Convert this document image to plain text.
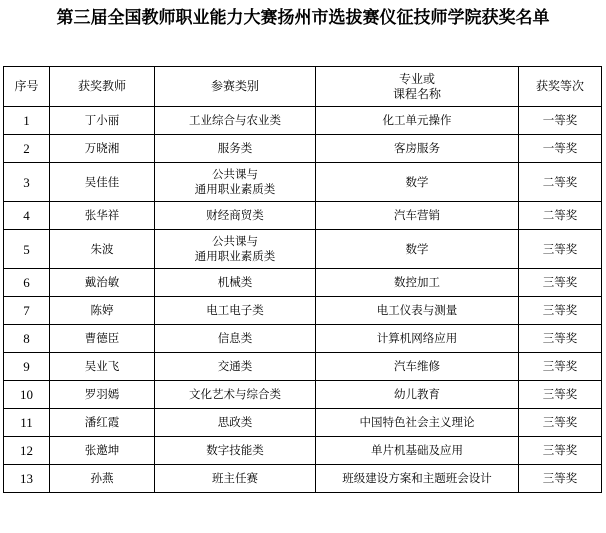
第三届全国教师职业能力大赛扬州市选拔赛仪征技师学院获奖名单
序号	获奖教师	参赛类别	专业或
课程名称	获奖等次
1	丁小丽	工业综合与农业类	化工单元操作	一等奖
2	万晓湘	服务类	客房服务	一等奖
3	吴佳佳	公共课与
通用职业素质类	数学	二等奖
4	张华祥	财经商贸类	汽车营销	二等奖
5	朱波	公共课与
通用职业素质类	数学	三等奖
6	戴治敏	机械类	数控加工	三等奖
7	陈婷	电工电子类	电工仪表与测量	三等奖
8	曹德臣	信息类	计算机网络应用	三等奖
9	吴业飞	交通类	汽车维修	三等奖
10	罗羽嫣	文化艺术与综合类	幼儿教育	三等奖
11	潘红霞	思政类	中国特色社会主义理论	三等奖
12	张邀坤	数字技能类	单片机基础及应用	三等奖
13	孙燕	班主任赛	班级建设方案和主题班会设计	三等奖
